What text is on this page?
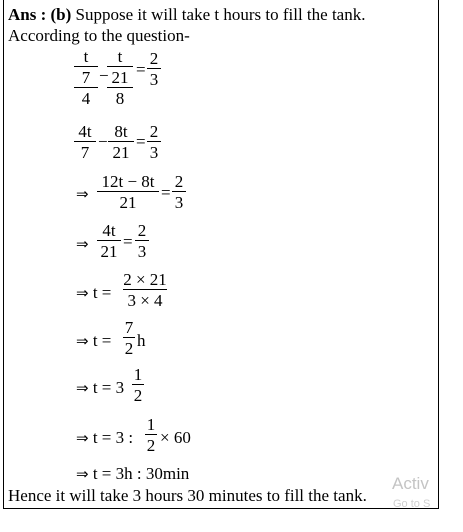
Ans : (b) Suppose it will take t hours to fill the tank.
According to the question-
t
7
4 −
t
21
$8 = \frac{2}{3}$
$\frac{4t}{7} - \frac{8t}{21} = \frac{2}{3}$
⇒ $\frac{12t - 8t}{21} = \frac{2}{3}$
⇒ $\frac{4t}{21} = \frac{2}{3}$
⇒ $t = \frac{2 \times 21}{3 \times 4}$
⇒ $t = \frac{7}{2}$ h
⇒ $t = 3 \frac{1}{2}$
⇒ t = 3 : $\frac{1}{2} \times 60$
⇒ t = 3h : 30min
Hence it will take 3 hours 30 minutes to fill the tank.
Activ
Go to S
